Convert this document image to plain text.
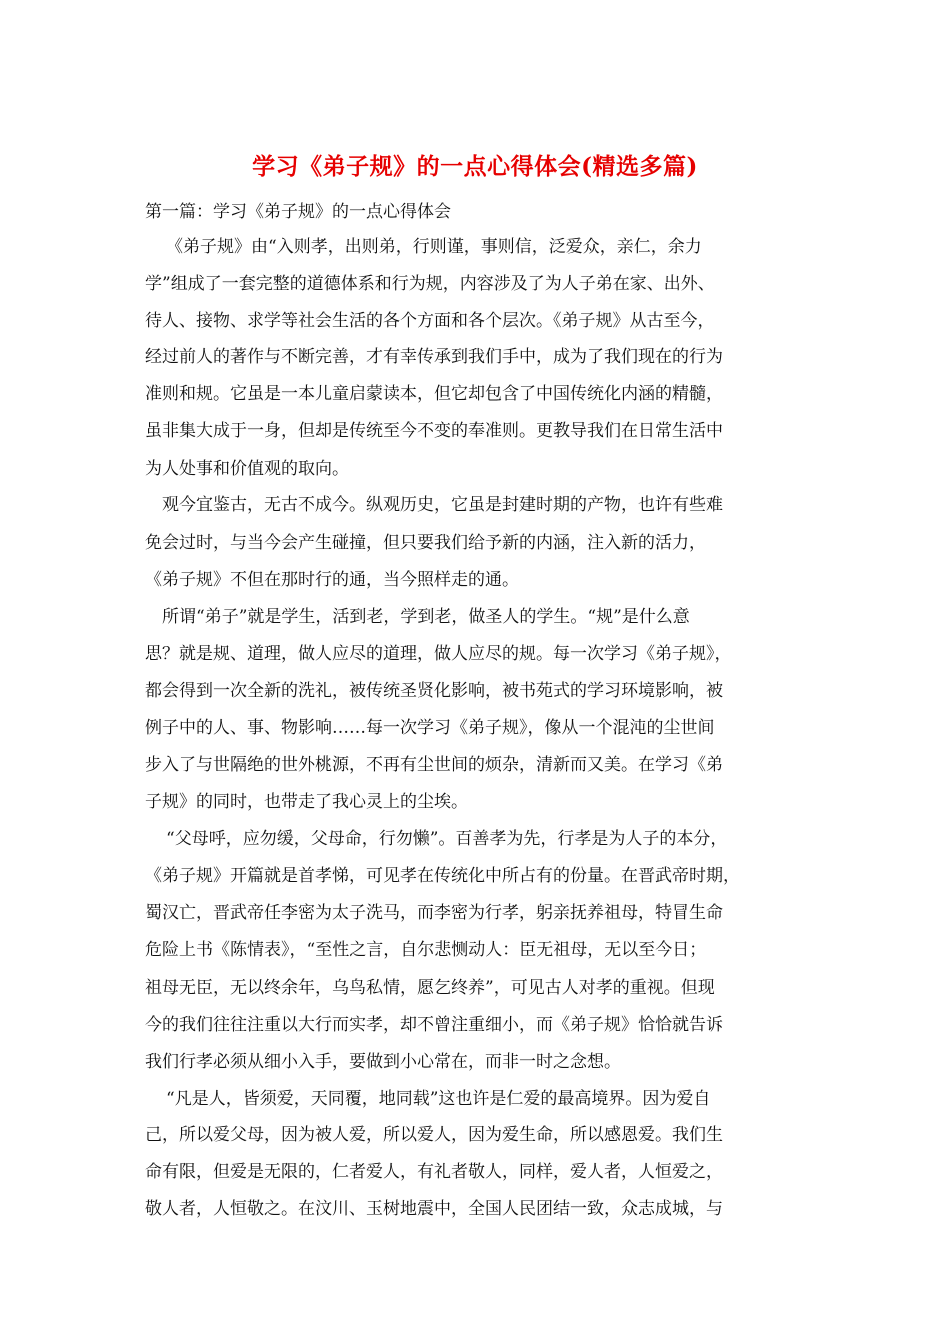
学习《弟子规》的一点心得体会(精选多篇)
第一篇：学习《弟子规》的一点心得体会
《弟子规》由“入则孝，出则弟，行则谨，事则信，泛爱众，亲仁，余力
学”组成了一套完整的道德体系和行为规，内容涉及了为人子弟在家、出外、
待人、接物、求学等社会生活的各个方面和各个层次。《弟子规》从古至今，
经过前人的著作与不断完善，才有幸传承到我们手中，成为了我们现在的行为
准则和规。它虽是一本儿童启蒙读本，但它却包含了中国传统化内涵的精髓，
虽非集大成于一身，但却是传统至今不变的奉准则。更教导我们在日常生活中
为人处事和价值观的取向。
观今宜鉴古，无古不成今。纵观历史，它虽是封建时期的产物，也许有些难
免会过时，与当今会产生碰撞，但只要我们给予新的内涵，注入新的活力，
《弟子规》不但在那时行的通，当今照样走的通。
所谓“弟子”就是学生，活到老，学到老，做圣人的学生。“规”是什么意
思？就是规、道理，做人应尽的道理，做人应尽的规。每一次学习《弟子规》，
都会得到一次全新的洗礼，被传统圣贤化影响，被书苑式的学习环境影响，被
例子中的人、事、物影响……每一次学习《弟子规》，像从一个混沌的尘世间
步入了与世隔绝的世外桃源，不再有尘世间的烦杂，清新而又美。在学习《弟
子规》的同时，也带走了我心灵上的尘埃。
“父母呼，应勿缓，父母命，行勿懒”。百善孝为先，行孝是为人子的本分，
《弟子规》开篇就是首孝悌，可见孝在传统化中所占有的份量。在晋武帝时期，
蜀汉亡，晋武帝任李密为太子洗马，而李密为行孝，躬亲抚养祖母，特冒生命
危险上书《陈情表》，“至性之言，自尔悲恻动人：臣无祖母，无以至今日；
祖母无臣，无以终余年，乌鸟私情，愿乞终养”，可见古人对孝的重视。但现
今的我们往往注重以大行而实孝，却不曾注重细小，而《弟子规》恰恰就告诉
我们行孝必须从细小入手，要做到小心常在，而非一时之念想。
“凡是人，皆须爱，天同覆，地同载”这也许是仁爱的最高境界。因为爱自
己，所以爱父母，因为被人爱，所以爱人，因为爱生命，所以感恩爱。我们生
命有限，但爱是无限的，仁者爱人，有礼者敬人，同样，爱人者，人恒爱之，
敬人者，人恒敬之。在汶川、玉树地震中，全国人民团结一致，众志成城，与
